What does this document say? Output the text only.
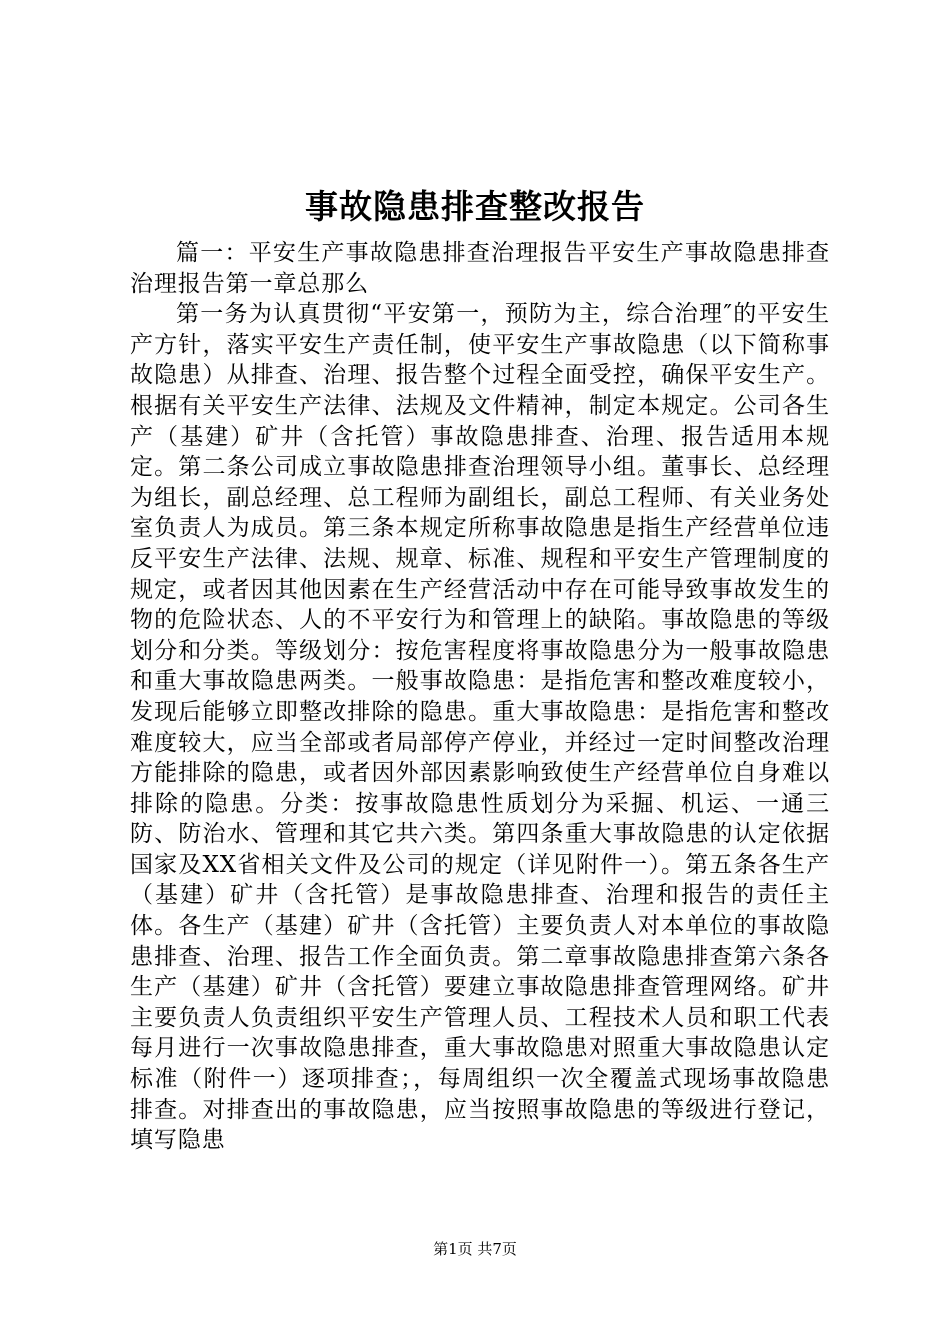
事故隐患排查整改报告

篇一：平安生产事故隐患排查治理报告平安生产事故隐患排查治理报告第一章总那么

第一务为认真贯彻“平安第一，预防为主，综合治理″的平安生产方针，落实平安生产责任制，使平安生产事故隐患（以下简称事故隐患）从排查、治理、报告整个过程全面受控，确保平安生产。根据有关平安生产法律、法规及文件精神，制定本规定。公司各生产（基建）矿井（含托管）事故隐患排查、治理、报告适用本规定。第二条公司成立事故隐患排查治理领导小组。董事长、总经理为组长，副总经理、总工程师为副组长，副总工程师、有关业务处室负责人为成员。第三条本规定所称事故隐患是指生产经营单位违反平安生产法律、法规、规章、标准、规程和平安生产管理制度的规定，或者因其他因素在生产经营活动中存在可能导致事故发生的物的危险状态、人的不平安行为和管理上的缺陷。事故隐患的等级划分和分类。等级划分：按危害程度将事故隐患分为一般事故隐患和重大事故隐患两类。一般事故隐患：是指危害和整改难度较小，发现后能够立即整改排除的隐患。重大事故隐患：是指危害和整改难度较大，应当全部或者局部停产停业，并经过一定时间整改治理方能排除的隐患，或者因外部因素影响致使生产经营单位自身难以排除的隐患。分类：按事故隐患性质划分为采掘、机运、一通三防、防治水、管理和其它共六类。第四条重大事故隐患的认定依据国家及XX省相关文件及公司的规定（详见附件一）。第五条各生产（基建）矿井（含托管）是事故隐患排查、治理和报告的责任主体。各生产（基建）矿井（含托管）主要负责人对本单位的事故隐患排查、治理、报告工作全面负责。第二章事故隐患排查第六条各生产（基建）矿井（含托管）要建立事故隐患排查管理网络。矿井主要负责人负责组织平安生产管理人员、工程技术人员和职工代表每月进行一次事故隐患排查，重大事故隐患对照重大事故隐患认定标准（附件一）逐项排查；，每周组织一次全覆盖式现场事故隐患排查。对排查出的事故隐患，应当按照事故隐患的等级进行登记，填写隐患

第1页 共7页
